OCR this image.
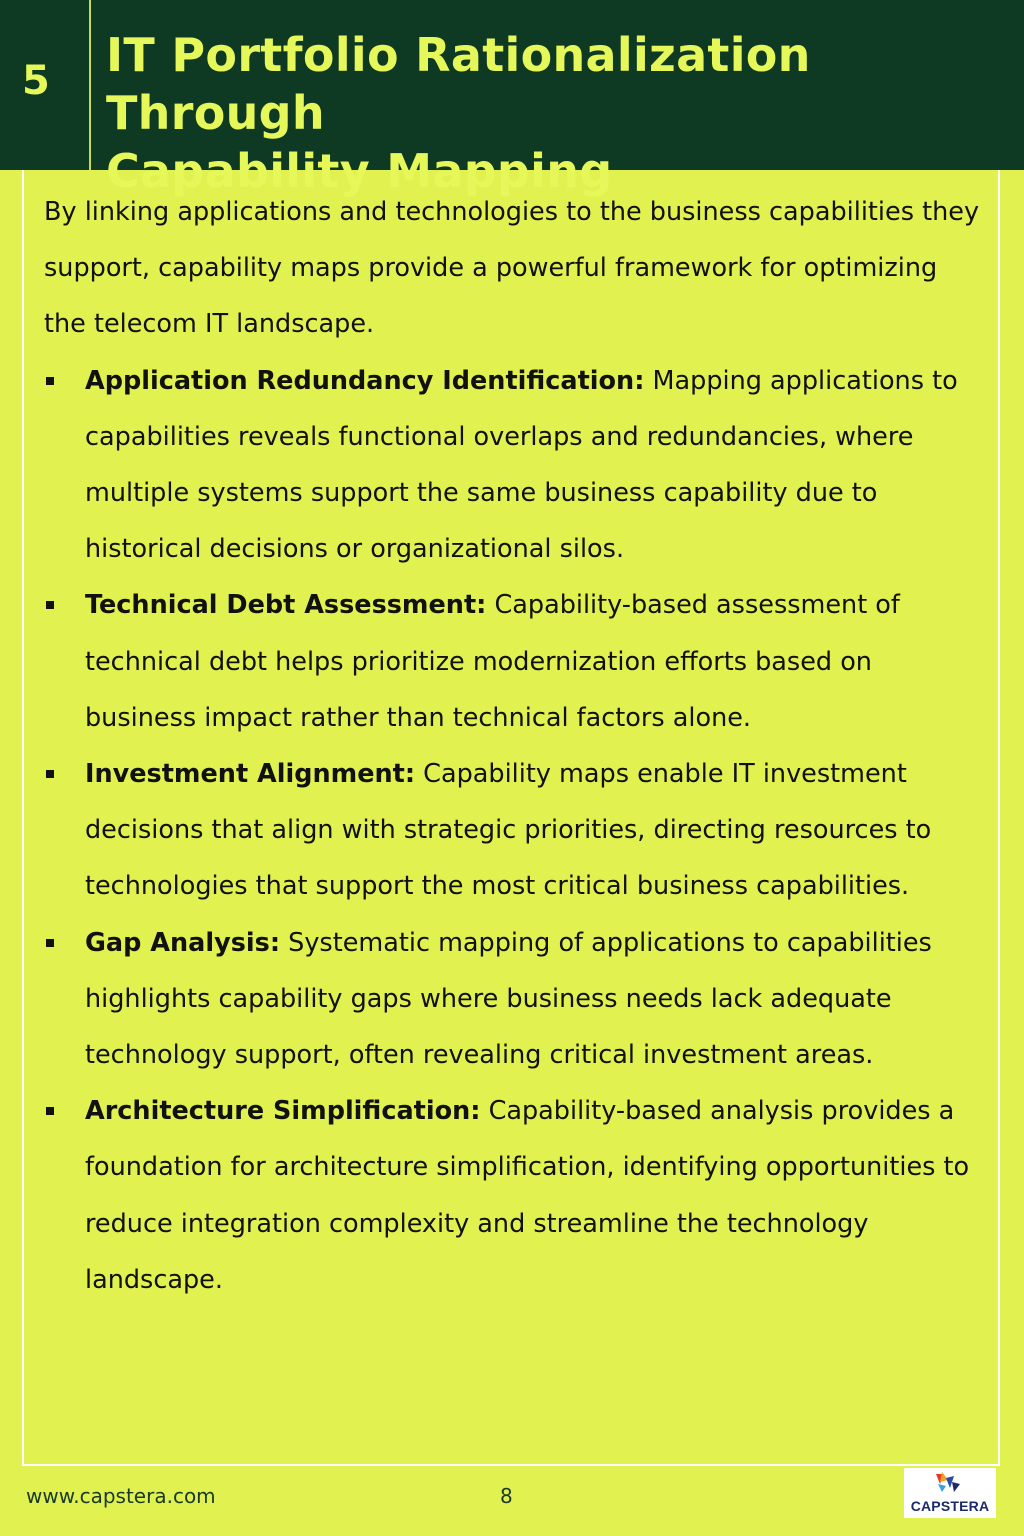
5	IT Portfolio Rationalization Through
Capability Mapping

By linking applications and technologies to the business capabilities they support, capability maps provide a powerful framework for optimizing the telecom IT landscape.

Application Redundancy Identification: Mapping applications to capabilities reveals functional overlaps and redundancies, where multiple systems support the same business capability due to historical decisions or organizational silos.
Technical Debt Assessment: Capability-based assessment of technical debt helps prioritize modernization efforts based on business impact rather than technical factors alone.
Investment Alignment: Capability maps enable IT investment decisions that align with strategic priorities, directing resources to technologies that support the most critical business capabilities.
Gap Analysis: Systematic mapping of applications to capabilities highlights capability gaps where business needs lack adequate technology support, often revealing critical investment areas.
Architecture Simplification: Capability-based analysis provides a foundation for architecture simplification, identifying opportunities to reduce integration complexity and streamline the technology landscape.
www.capstera.com	8	CAPSTERA
